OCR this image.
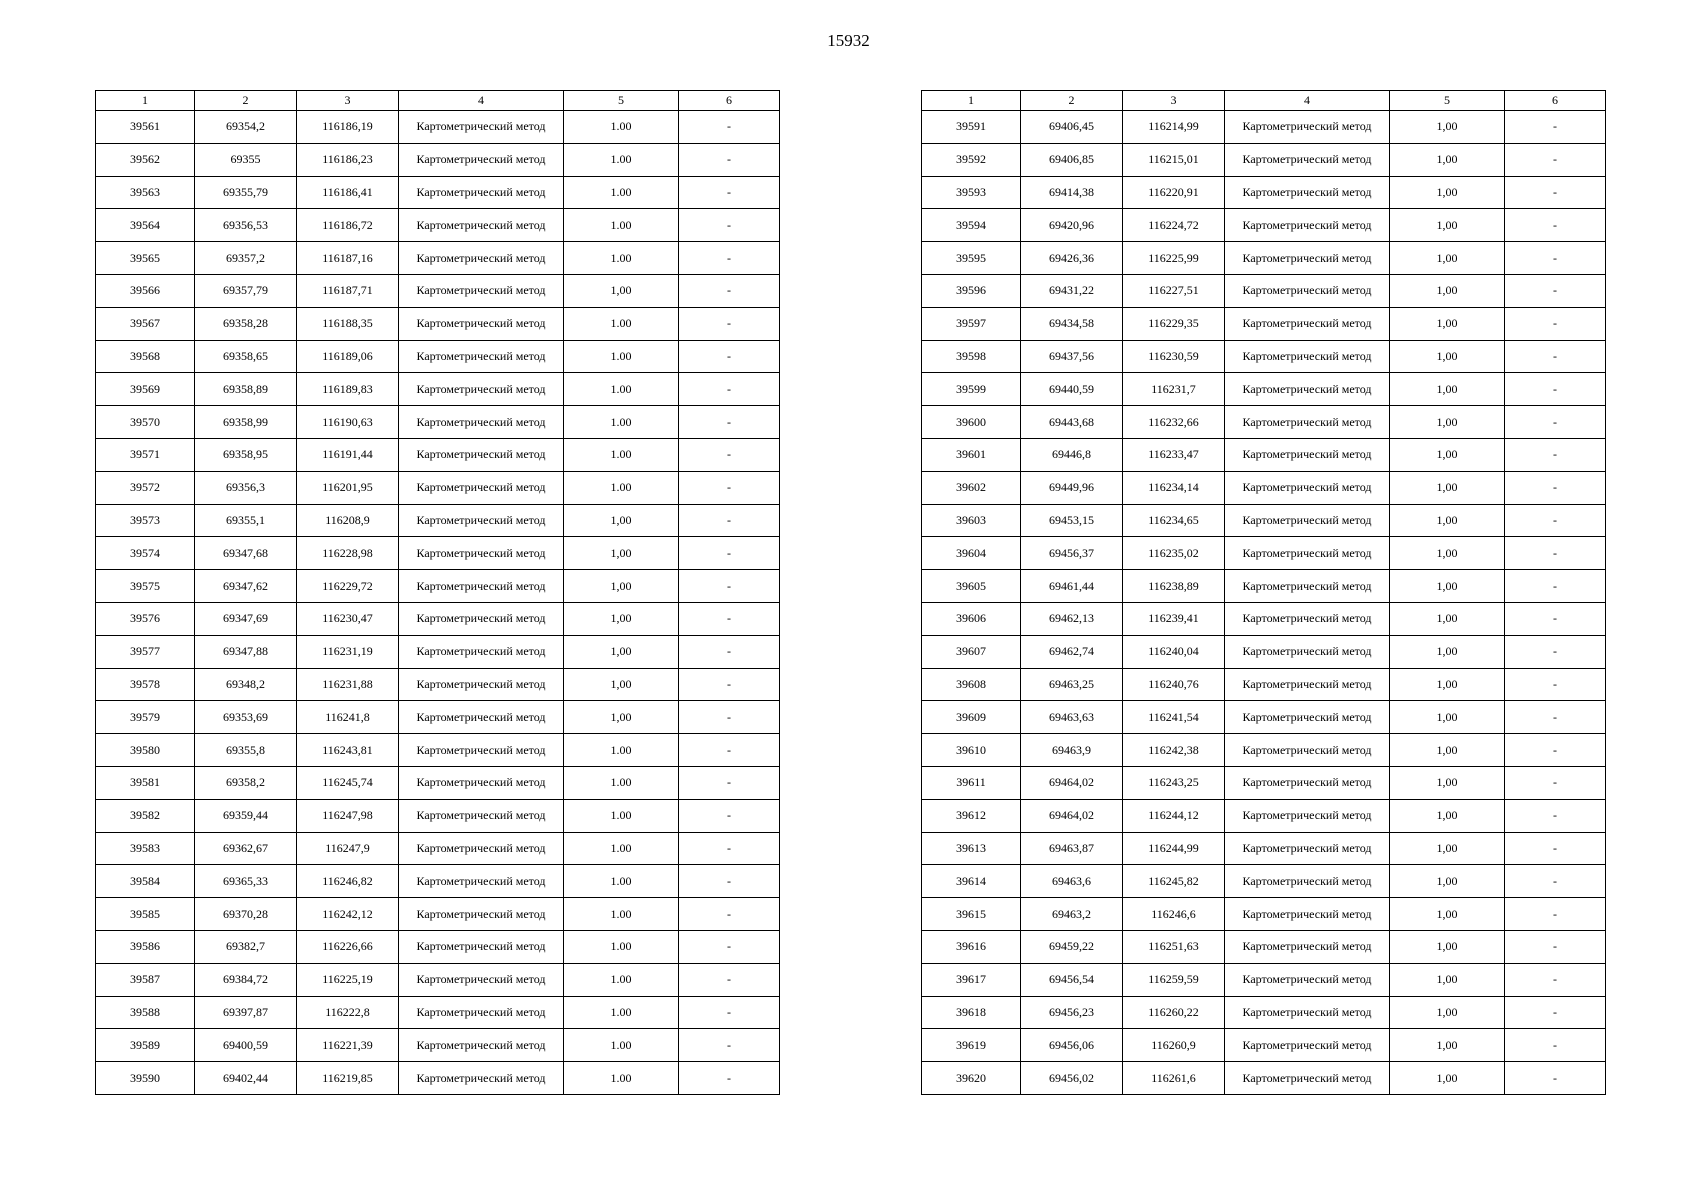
15932
1	2	3	4	5	6
39561	69354,2	116186,19	Картометрический метод	1.00	-
39562	69355	116186,23	Картометрический метод	1.00	-
39563	69355,79	116186,41	Картометрический метод	1.00	-
39564	69356,53	116186,72	Картометрический метод	1.00	-
39565	69357,2	116187,16	Картометрический метод	1.00	-
39566	69357,79	116187,71	Картометрический метод	1,00	-
39567	69358,28	116188,35	Картометрический метод	1.00	-
39568	69358,65	116189,06	Картометрический метод	1.00	-
39569	69358,89	116189,83	Картометрический метод	1.00	-
39570	69358,99	116190,63	Картометрический метод	1.00	-
39571	69358,95	116191,44	Картометрический метод	1.00	-
39572	69356,3	116201,95	Картометрический метод	1.00	-
39573	69355,1	116208,9	Картометрический метод	1,00	-
39574	69347,68	116228,98	Картометрический метод	1,00	-
39575	69347,62	116229,72	Картометрический метод	1,00	-
39576	69347,69	116230,47	Картометрический метод	1,00	-
39577	69347,88	116231,19	Картометрический метод	1,00	-
39578	69348,2	116231,88	Картометрический метод	1,00	-
39579	69353,69	116241,8	Картометрический метод	1,00	-
39580	69355,8	116243,81	Картометрический метод	1.00	-
39581	69358,2	116245,74	Картометрический метод	1.00	-
39582	69359,44	116247,98	Картометрический метод	1.00	-
39583	69362,67	116247,9	Картометрический метод	1.00	-
39584	69365,33	116246,82	Картометрический метод	1.00	-
39585	69370,28	116242,12	Картометрический метод	1.00	-
39586	69382,7	116226,66	Картометрический метод	1.00	-
39587	69384,72	116225,19	Картометрический метод	1.00	-
39588	69397,87	116222,8	Картометрический метод	1.00	-
39589	69400,59	116221,39	Картометрический метод	1.00	-
39590	69402,44	116219,85	Картометрический метод	1.00	-
1	2	3	4	5	6
39591	69406,45	116214,99	Картометрический метод	1,00	-
39592	69406,85	116215,01	Картометрический метод	1,00	-
39593	69414,38	116220,91	Картометрический метод	1,00	-
39594	69420,96	116224,72	Картометрический метод	1,00	-
39595	69426,36	116225,99	Картометрический метод	1,00	-
39596	69431,22	116227,51	Картометрический метод	1,00	-
39597	69434,58	116229,35	Картометрический метод	1,00	-
39598	69437,56	116230,59	Картометрический метод	1,00	-
39599	69440,59	116231,7	Картометрический метод	1,00	-
39600	69443,68	116232,66	Картометрический метод	1,00	-
39601	69446,8	116233,47	Картометрический метод	1,00	-
39602	69449,96	116234,14	Картометрический метод	1,00	-
39603	69453,15	116234,65	Картометрический метод	1,00	-
39604	69456,37	116235,02	Картометрический метод	1,00	-
39605	69461,44	116238,89	Картометрический метод	1,00	-
39606	69462,13	116239,41	Картометрический метод	1,00	-
39607	69462,74	116240,04	Картометрический метод	1,00	-
39608	69463,25	116240,76	Картометрический метод	1,00	-
39609	69463,63	116241,54	Картометрический метод	1,00	-
39610	69463,9	116242,38	Картометрический метод	1,00	-
39611	69464,02	116243,25	Картометрический метод	1,00	-
39612	69464,02	116244,12	Картометрический метод	1,00	-
39613	69463,87	116244,99	Картометрический метод	1,00	-
39614	69463,6	116245,82	Картометрический метод	1,00	-
39615	69463,2	116246,6	Картометрический метод	1,00	-
39616	69459,22	116251,63	Картометрический метод	1,00	-
39617	69456,54	116259,59	Картометрический метод	1,00	-
39618	69456,23	116260,22	Картометрический метод	1,00	-
39619	69456,06	116260,9	Картометрический метод	1,00	-
39620	69456,02	116261,6	Картометрический метод	1,00	-
